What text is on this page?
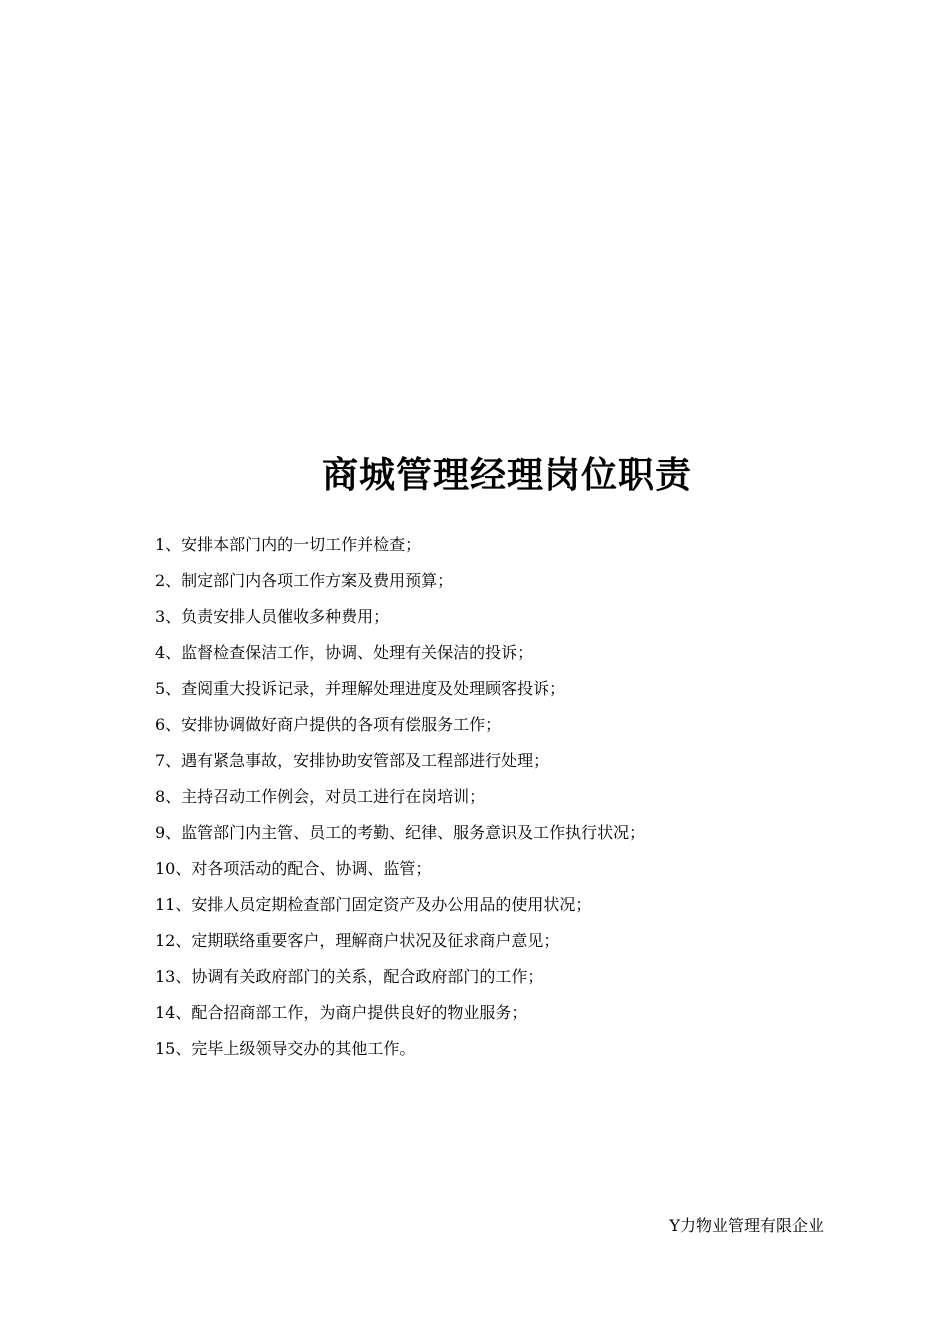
商城管理经理岗位职责
1、安排本部门内的一切工作并检查；
2、制定部门内各项工作方案及费用预算；
3、负责安排人员催收多种费用；
4、监督检查保洁工作，协调、处理有关保洁的投诉；
5、查阅重大投诉记录，并理解处理进度及处理顾客投诉；
6、安排协调做好商户提供的各项有偿服务工作；
7、遇有紧急事故，安排协助安管部及工程部进行处理；
8、主持召动工作例会，对员工进行在岗培训；
9、监管部门内主管、员工的考勤、纪律、服务意识及工作执行状况；
10、对各项活动的配合、协调、监管；
11、安排人员定期检查部门固定资产及办公用品的使用状况；
12、定期联络重要客户，理解商户状况及征求商户意见；
13、协调有关政府部门的关系，配合政府部门的工作；
14、配合招商部工作，为商户提供良好的物业服务；
15、完毕上级领导交办的其他工作。
Y力物业管理有限企业
